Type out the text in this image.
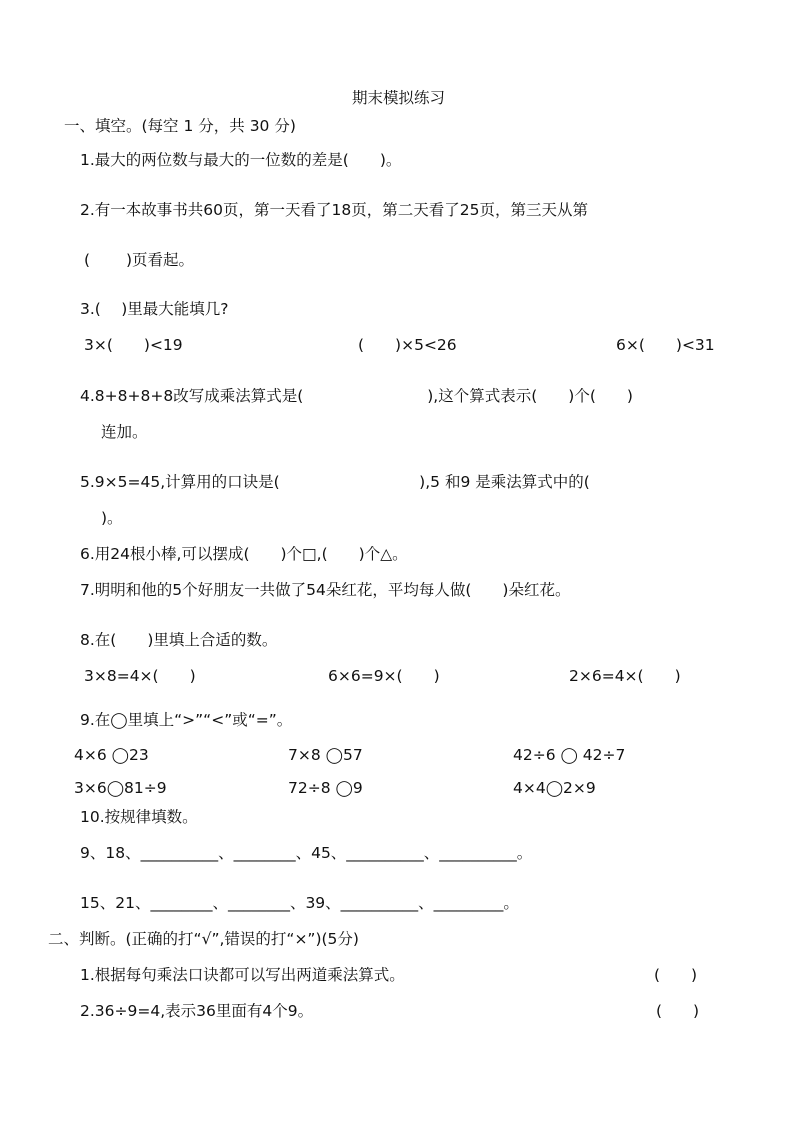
期末模拟练习
一、填空。(每空 1 分，共 30 分)
1.最大的两位数与最大的一位数的差是(　　)。
2.有一本故事书共60页，第一天看了18页，第二天看了25页，第三天从第
(　　 )页看起。
3.(　 )里最大能填几?
3×(　　)<19	(　　)×5<26	6×(　　)<31
4.8+8+8+8改写成乘法算式是(　　　　　　　　),这个算式表示(　　)个(　　)
连加。
5.9×5=45,计算用的口诀是(　　　　　　　　　),5 和9 是乘法算式中的(
)。
6.用24根小棒,可以摆成(　　)个□,(　　)个△。
7.明明和他的5个好朋友一共做了54朵红花，平均每人做(　　)朵红花。
8.在(　　)里填上合适的数。
3×8=4×(　　)	6×6=9×(　　)	2×6=4×(　　)
9.在◯里填上“>”“<”或“=”。
4×6 ◯23	7×8 ◯57	42÷6 ◯ 42÷7
3×6◯81÷9	72÷8 ◯9	4×4◯2×9
10.按规律填数。
9、18、__________、________、45、__________、__________。
15、21、________、________、39、__________、_________。
二、判断。(正确的打“√”,错误的打“×”)(5分)
1.根据每句乘法口诀都可以写出两道乘法算式。	(　　)
2.36÷9=4,表示36里面有4个9。	(　　)
